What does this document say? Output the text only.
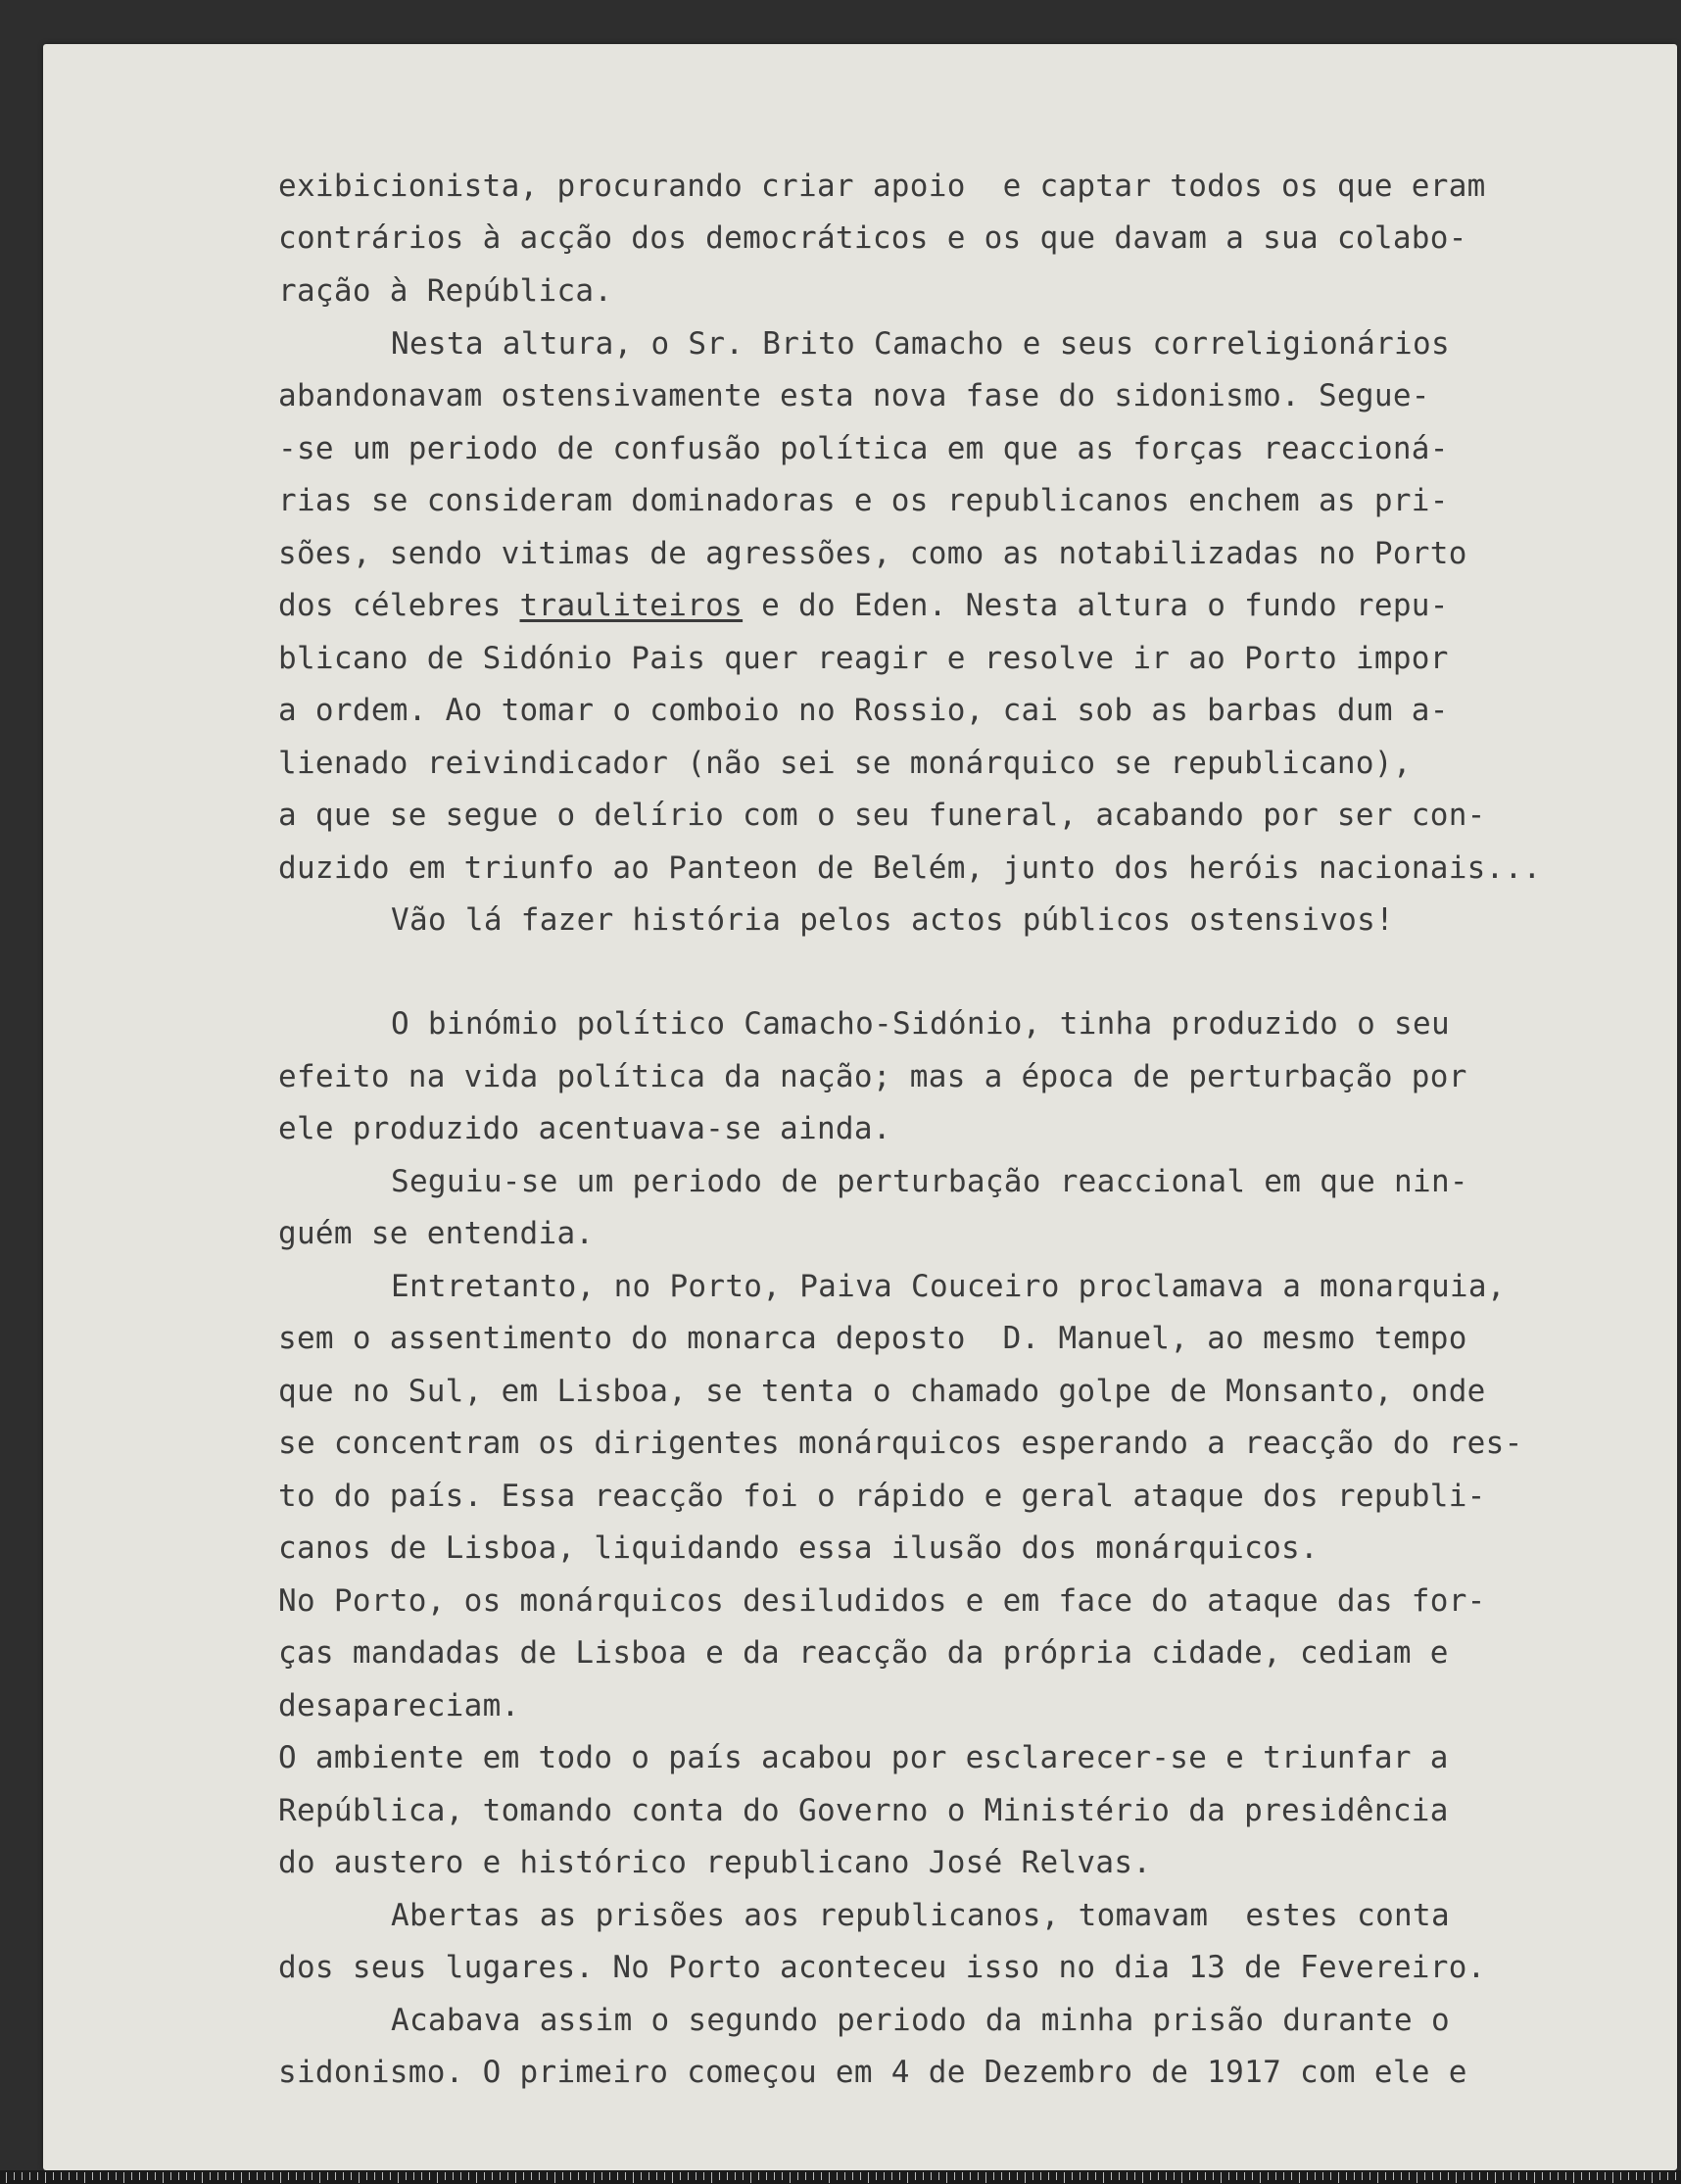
exibicionista, procurando criar apoio  e captar todos os que eram
contrários à acção dos democráticos e os que davam a sua colabo-
ração à República.
Nesta altura, o Sr. Brito Camacho e seus correligionários
abandonavam ostensivamente esta nova fase do sidonismo. Segue-
-se um periodo de confusão política em que as forças reaccioná-
rias se consideram dominadoras e os republicanos enchem as pri-
sões, sendo vitimas de agressões, como as notabilizadas no Porto
dos célebres trauliteiros e do Eden. Nesta altura o fundo repu-
blicano de Sidónio Pais quer reagir e resolve ir ao Porto impor
a ordem. Ao tomar o comboio no Rossio, cai sob as barbas dum a-
lienado reivindicador (não sei se monárquico se republicano),
a que se segue o delírio com o seu funeral, acabando por ser con-
duzido em triunfo ao Panteon de Belém, junto dos heróis nacionais...
Vão lá fazer história pelos actos públicos ostensivos!
O binómio político Camacho-Sidónio, tinha produzido o seu
efeito na vida política da nação; mas a época de perturbação por
ele produzido acentuava-se ainda.
Seguiu-se um periodo de perturbação reaccional em que nin-
guém se entendia.
Entretanto, no Porto, Paiva Couceiro proclamava a monarquia,
sem o assentimento do monarca deposto  D. Manuel, ao mesmo tempo
que no Sul, em Lisboa, se tenta o chamado golpe de Monsanto, onde
se concentram os dirigentes monárquicos esperando a reacção do res-
to do país. Essa reacção foi o rápido e geral ataque dos republi-
canos de Lisboa, liquidando essa ilusão dos monárquicos.
No Porto, os monárquicos desiludidos e em face do ataque das for-
ças mandadas de Lisboa e da reacção da própria cidade, cediam e
desapareciam.
O ambiente em todo o país acabou por esclarecer-se e triunfar a
República, tomando conta do Governo o Ministério da presidência
do austero e histórico republicano José Relvas.
Abertas as prisões aos republicanos, tomavam  estes conta
dos seus lugares. No Porto aconteceu isso no dia 13 de Fevereiro.
Acabava assim o segundo periodo da minha prisão durante o
sidonismo. O primeiro começou em 4 de Dezembro de 1917 com ele e
